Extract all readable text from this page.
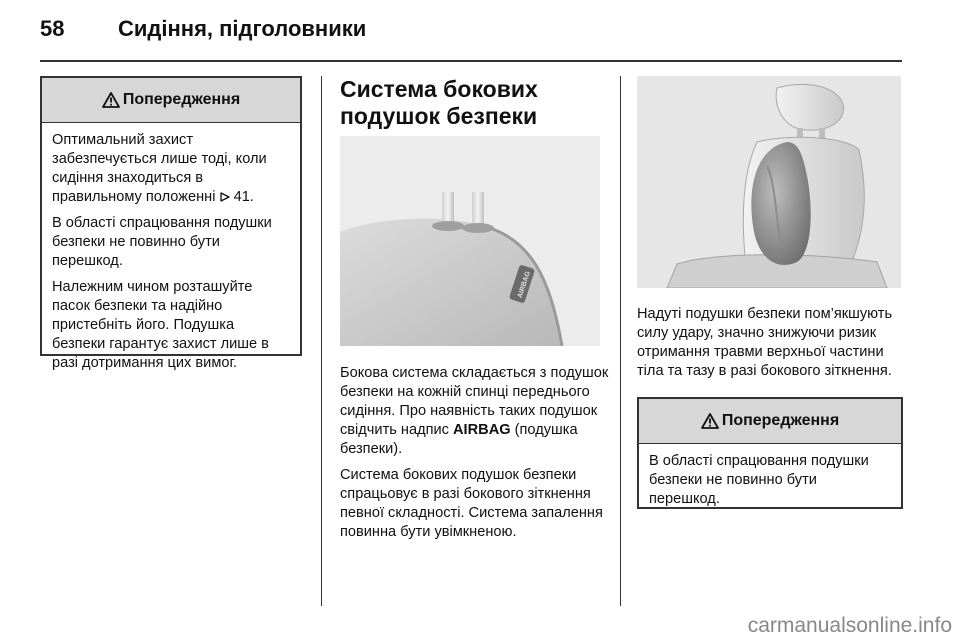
58 Сидіння, підголовники
Попередження

Оптимальний захист забезпечується лише тоді, коли сидіння знаходиться в правильному положенні 41.

В області спрацювання подушки безпеки не повинно бути перешкод.

Належним чином розташуйте пасок безпеки та надійно пристебніть його. Подушка безпеки гарантує захист лише в разі дотримання цих вимог.

Система бокових подушок безпеки
AIRBAG

Бокова система складається з подушок безпеки на кожній спинці переднього сидіння. Про наявність таких подушок свідчить надпис AIRBAG (подушка безпеки).

Система бокових подушок безпеки спрацьовує в разі бокового зіткнення певної складності. Система запалення повинна бути увімкненою.

Надуті подушки безпеки пом’якшують силу удару, значно знижуючи ризик отримання травми верхньої частини тіла та тазу в разі бокового зіткнення.

Попередження

В області спрацювання подушки безпеки не повинно бути перешкод.

carmanualsonline.info
